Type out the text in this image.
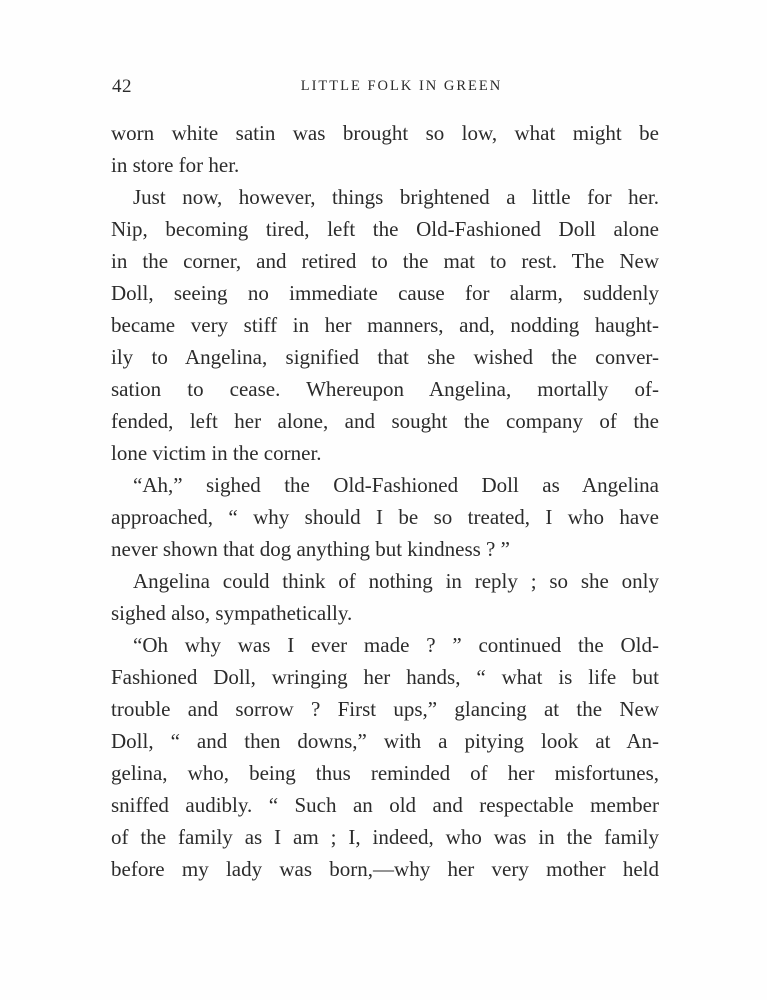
42	LITTLE FOLK IN GREEN
worn white satin was brought so low, what might be
in store for her.
Just now, however, things brightened a little for her.
Nip, becoming tired, left the Old-Fashioned Doll alone
in the corner, and retired to the mat to rest. The New
Doll, seeing no immediate cause for alarm, suddenly
became very stiff in her manners, and, nodding haught-
ily to Angelina, signified that she wished the conver-
sation to cease. Whereupon Angelina, mortally of-
fended, left her alone, and sought the company of the
lone victim in the corner.
“Ah,” sighed the Old-Fashioned Doll as Angelina
approached, “ why should I be so treated, I who have
never shown that dog anything but kindness ? ”
Angelina could think of nothing in reply ; so she only
sighed also, sympathetically.
“Oh why was I ever made ? ” continued the Old-
Fashioned Doll, wringing her hands, “ what is life but
trouble and sorrow ? First ups,” glancing at the New
Doll, “ and then downs,” with a pitying look at An-
gelina, who, being thus reminded of her misfortunes,
sniffed audibly. “ Such an old and respectable member
of the family as I am ; I, indeed, who was in the family
before my lady was born,—why her very mother held
